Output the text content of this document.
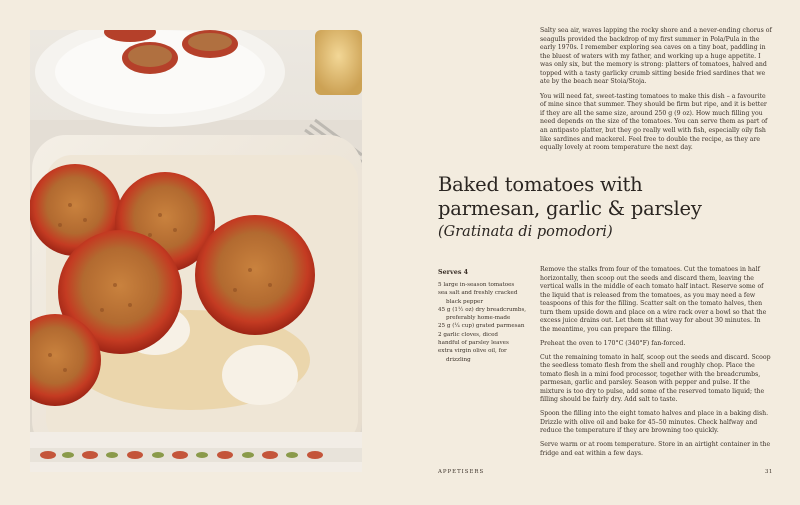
Salty sea air, waves lapping the rocky shore and a never-ending chorus of seagulls provided the backdrop of my first summer in Pola/Pula in the early 1970s. I remember exploring sea caves on a tiny boat, paddling in the bluest of waters with my father, and working up a huge appetite. I was only six, but the memory is strong: platters of tomatoes, halved and topped with a tasty garlicky crumb sitting beside fried sardines that we ate by the beach near Stoia/Stoja.

You will need fat, sweet-tasting tomatoes to make this dish – a favourite of mine since that summer. They should be firm but ripe, and it is better if they are all the same size, around 250 g (9 oz). How much filling you need depends on the size of the tomatoes. You can serve them as part of an antipasto platter, but they go really well with fish, especially oily fish like sardines and mackerel. Feel free to double the recipe, as they are equally lovely at room temperature the next day.

Baked tomatoes with
parmesan, garlic & parsley
(Gratinata di pomodori)
Serves 4
5 large in-season tomatoes
sea salt and freshly cracked black pepper
45 g (1½ oz) dry breadcrumbs, preferably home-made
25 g (¼ cup) grated parmesan
2 garlic cloves, diced
handful of parsley leaves
extra virgin olive oil, for drizzling

Remove the stalks from four of the tomatoes. Cut the tomatoes in half horizontally, then scoop out the seeds and discard them, leaving the vertical walls in the middle of each tomato half intact. Reserve some of the liquid that is released from the tomatoes, as you may need a few teaspoons of this for the filling. Scatter salt on the tomato halves, then turn them upside down and place on a wire rack over a bowl so that the excess juice drains out. Let them sit that way for about 30 minutes. In the meantime, you can prepare the filling.

Preheat the oven to 170°C (340°F) fan-forced.

Cut the remaining tomato in half, scoop out the seeds and discard. Scoop the seedless tomato flesh from the shell and roughly chop. Place the tomato flesh in a mini food processor, together with the breadcrumbs, parmesan, garlic and parsley. Season with pepper and pulse. If the mixture is too dry to pulse, add some of the reserved tomato liquid; the filling should be fairly dry. Add salt to taste.

Spoon the filling into the eight tomato halves and place in a baking dish. Drizzle with olive oil and bake for 45–50 minutes. Check halfway and reduce the temperature if they are browning too quickly.

Serve warm or at room temperature. Store in an airtight container in the fridge and eat within a few days.

APPETISERS	31
